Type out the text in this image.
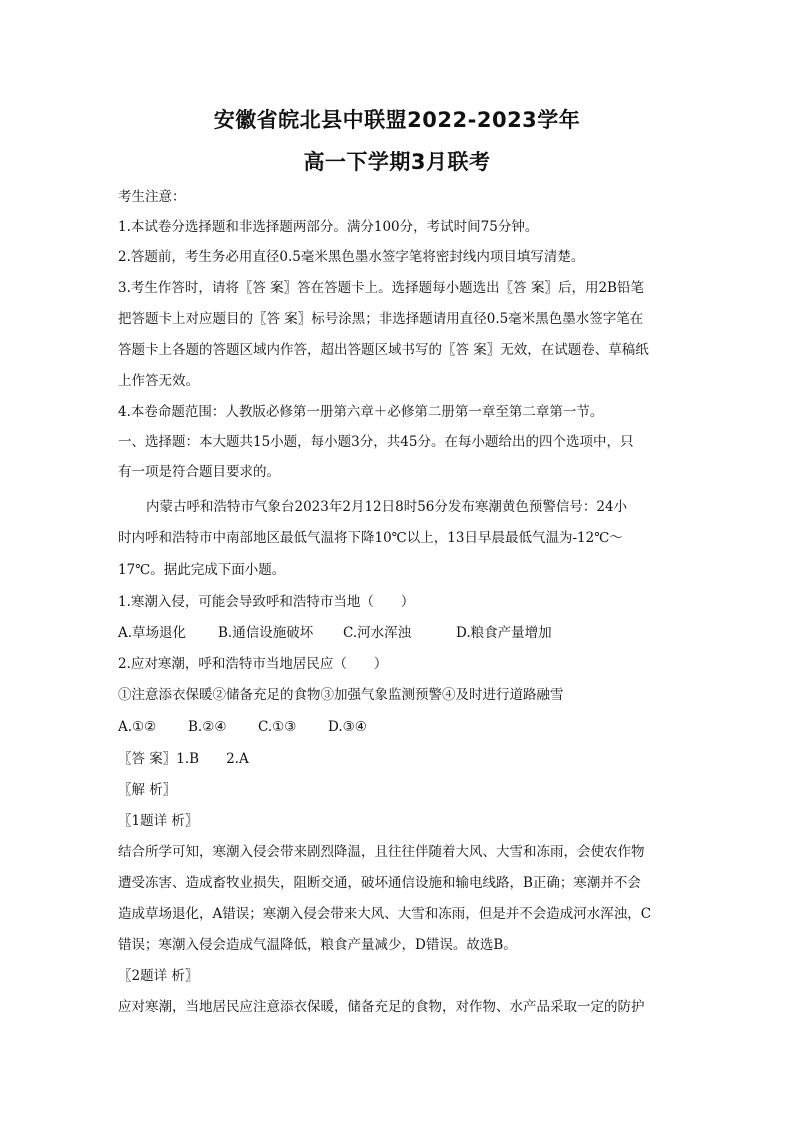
安徽省皖北县中联盟2022-2023学年
高一下学期3月联考
考生注意：
1.本试卷分选择题和非选择题两部分。满分100分，考试时间75分钟。
2.答题前，考生务必用直径0.5毫米黑色墨水签字笔将密封线内项目填写清楚。
3.考生作答时，请将〖答 案〗答在答题卡上。选择题每小题选出〖答 案〗后，用2B铅笔
把答题卡上对应题目的〖答 案〗标号涂黑；非选择题请用直径0.5毫米黑色墨水签字笔在
答题卡上各题的答题区域内作答，超出答题区域书写的〖答 案〗无效，在试题卷、草稿纸
上作答无效。
4.本卷命题范围：人教版必修第一册第六章＋必修第二册第一章至第二章第一节。
一、选择题：本大题共15小题，每小题3分，共45分。在每小题给出的四个选项中，只
有一项是符合题目要求的。
内蒙古呼和浩特市气象台2023年2月12日8时56分发布寒潮黄色预警信号：24小
时内呼和浩特市中南部地区最低气温将下降10℃以上，13日早晨最低气温为-12℃～
17℃。据此完成下面小题。
1.寒潮入侵，可能会导致呼和浩特市当地（　　）
A.草场退化 B.通信设施破坏 C.河水浑浊	D.粮食产量增加
2.应对寒潮，呼和浩特市当地居民应（　　）
①注意添衣保暖②储备充足的食物③加强气象监测预警④及时进行道路融雪
A.①② B.②④ C.①③ D.③④
〖答 案〗1.B　　2.A
〖解 析〗
〖1题详 析〗
结合所学可知，寒潮入侵会带来剧烈降温，且往往伴随着大风、大雪和冻雨，会使农作物
遭受冻害、造成畜牧业损失，阻断交通，破坏通信设施和输电线路，B正确；寒潮并不会
造成草场退化，A错误；寒潮入侵会带来大风、大雪和冻雨，但是并不会造成河水浑浊，C
错误；寒潮入侵会造成气温降低，粮食产量减少，D错误。故选B。
〖2题详 析〗
应对寒潮，当地居民应注意添衣保暖，储备充足的食物，对作物、水产品采取一定的防护
